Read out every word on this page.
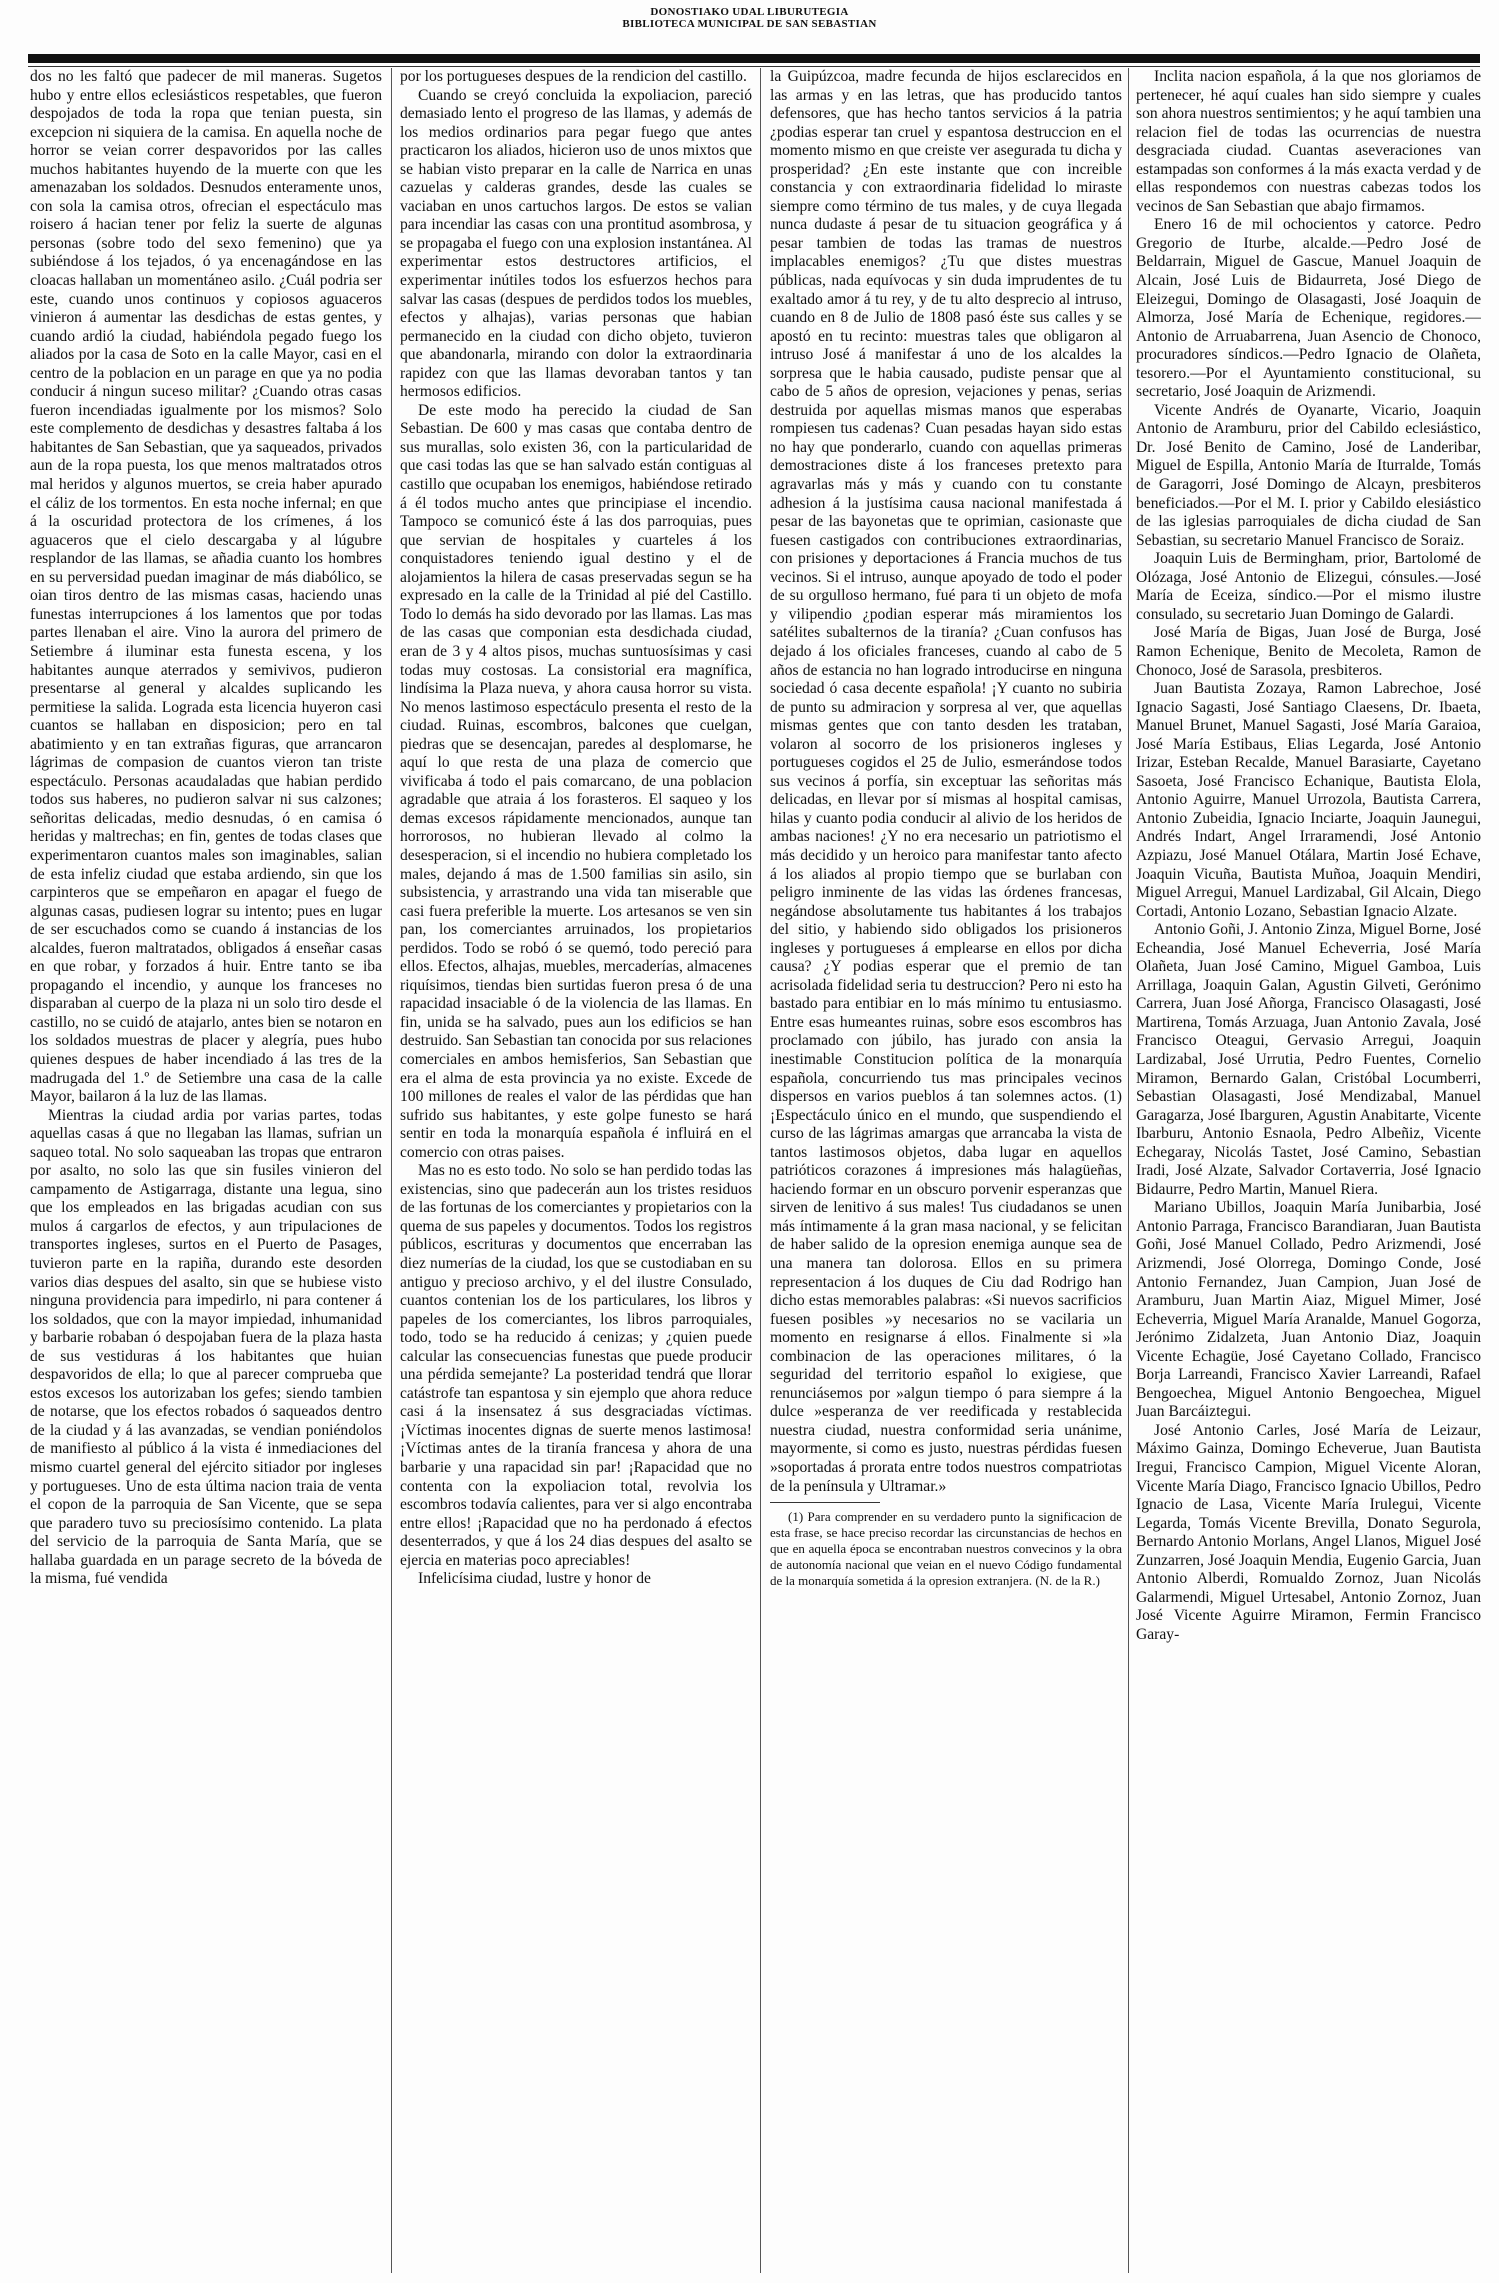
DONOSTIAKO UDAL LIBURUTEGIA
BIBLIOTECA MUNICIPAL DE SAN SEBASTIAN

dos no les faltó que padecer de mil maneras. Sugetos hubo y entre ellos eclesiásticos respetables, que fueron despojados de toda la ropa que tenian puesta, sin excepcion ni siquiera de la camisa. En aquella noche de horror se veian correr despavoridos por las calles muchos habitantes huyendo de la muerte con que les amenazaban los soldados. Desnudos enteramente unos, con sola la camisa otros, ofrecian el espectáculo mas roisero á hacian tener por feliz la suerte de algunas personas (sobre todo del sexo femenino) que ya subiéndose á los tejados, ó ya encenagándose en las cloacas hallaban un momentáneo asilo. ¿Cuál podria ser este, cuando unos continuos y copiosos aguaceros vinieron á aumentar las desdichas de estas gentes, y cuando ardió la ciudad, habiéndola pegado fuego los aliados por la casa de Soto en la calle Mayor, casi en el centro de la poblacion en un parage en que ya no podia conducir á ningun suceso militar? ¿Cuando otras casas fueron incendiadas igualmente por los mismos? Solo este complemento de desdichas y desastres faltaba á los habitantes de San Sebastian, que ya saqueados, privados aun de la ropa puesta, los que menos maltratados otros mal heridos y algunos muertos, se creia haber apurado el cáliz de los tormentos. En esta noche infernal; en que á la oscuridad protectora de los crímenes, á los aguaceros que el cielo descargaba y al lúgubre resplandor de las llamas, se añadia cuanto los hombres en su perversidad puedan imaginar de más diabólico, se oian tiros dentro de las mismas casas, haciendo unas funestas interrupciones á los lamentos que por todas partes llenaban el aire. Vino la aurora del primero de Setiembre á iluminar esta funesta escena, y los habitantes aunque aterrados y semivivos, pudieron presentarse al general y alcaldes suplicando les permitiese la salida. Lograda esta licencia huyeron casi cuantos se hallaban en disposicion; pero en tal abatimiento y en tan extrañas figuras, que arrancaron lágrimas de compasion de cuantos vieron tan triste espectáculo. Personas acaudaladas que habian perdido todos sus haberes, no pudieron salvar ni sus calzones; señoritas delicadas, medio desnudas, ó en camisa ó heridas y maltrechas; en fin, gentes de todas clases que experimentaron cuantos males son imaginables, salian de esta infeliz ciudad que estaba ardiendo, sin que los carpinteros que se empeñaron en apagar el fuego de algunas casas, pudiesen lograr su intento; pues en lugar de ser escuchados como se cuando á instancias de los alcaldes, fueron maltratados, obligados á enseñar casas en que robar, y forzados á huir. Entre tanto se iba propagando el incendio, y aunque los franceses no disparaban al cuerpo de la plaza ni un solo tiro desde el castillo, no se cuidó de atajarlo, antes bien se notaron en los soldados muestras de placer y alegría, pues hubo quienes despues de haber incendiado á las tres de la madrugada del 1.º de Setiembre una casa de la calle Mayor, bailaron á la luz de las llamas.

Mientras la ciudad ardia por varias partes, todas aquellas casas á que no llegaban las llamas, sufrian un saqueo total. No solo saqueaban las tropas que entraron por asalto, no solo las que sin fusiles vinieron del campamento de Astigarraga, distante una legua, sino que los empleados en las brigadas acudian con sus mulos á cargarlos de efectos, y aun tripulaciones de transportes ingleses, surtos en el Puerto de Pasages, tuvieron parte en la rapiña, durando este desorden varios dias despues del asalto, sin que se hubiese visto ninguna providencia para impedirlo, ni para contener á los soldados, que con la mayor impiedad, inhumanidad y barbarie robaban ó despojaban fuera de la plaza hasta de sus vestiduras á los habitantes que huian despavoridos de ella; lo que al parecer comprueba que estos excesos los autorizaban los gefes; siendo tambien de notarse, que los efectos robados ó saqueados dentro de la ciudad y á las avanzadas, se vendian poniéndolos de manifiesto al público á la vista é inmediaciones del mismo cuartel general del ejército sitiador por ingleses y portugueses. Uno de esta última nacion traia de venta el copon de la parroquia de San Vicente, que se sepa que paradero tuvo su preciosísimo contenido. La plata del servicio de la parroquia de Santa María, que se hallaba guardada en un parage secreto de la bóveda de la misma, fué vendida

por los portugueses despues de la rendicion del castillo.

Cuando se creyó concluida la expoliacion, pareció demasiado lento el progreso de las llamas, y además de los medios ordinarios para pegar fuego que antes practicaron los aliados, hicieron uso de unos mixtos que se habian visto preparar en la calle de Narrica en unas cazuelas y calderas grandes, desde las cuales se vaciaban en unos cartuchos largos. De estos se valian para incendiar las casas con una prontitud asombrosa, y se propagaba el fuego con una explosion instantánea. Al experimentar estos destructores artificios, el experimentar inútiles todos los esfuerzos hechos para salvar las casas (despues de perdidos todos los muebles, efectos y alhajas), varias personas que habian permanecido en la ciudad con dicho objeto, tuvieron que abandonarla, mirando con dolor la extraordinaria rapidez con que las llamas devoraban tantos y tan hermosos edificios.

De este modo ha perecido la ciudad de San Sebastian. De 600 y mas casas que contaba dentro de sus murallas, solo existen 36, con la particularidad de que casi todas las que se han salvado están contiguas al castillo que ocupaban los enemigos, habiéndose retirado á él todos mucho antes que principiase el incendio. Tampoco se comunicó éste á las dos parroquias, pues que servian de hospitales y cuarteles á los conquistadores teniendo igual destino y el de alojamientos la hilera de casas preservadas segun se ha expresado en la calle de la Trinidad al pié del Castillo. Todo lo demás ha sido devorado por las llamas. Las mas de las casas que componian esta desdichada ciudad, eran de 3 y 4 altos pisos, muchas suntuosísimas y casi todas muy costosas. La consistorial era magnífica, lindísima la Plaza nueva, y ahora causa horror su vista. No menos lastimoso espectáculo presenta el resto de la ciudad. Ruinas, escombros, balcones que cuelgan, piedras que se desencajan, paredes al desplomarse, he aquí lo que resta de una plaza de comercio que vivificaba á todo el pais comarcano, de una poblacion agradable que atraia á los forasteros. El saqueo y los demas excesos rápidamente mencionados, aunque tan horrorosos, no hubieran llevado al colmo la desesperacion, si el incendio no hubiera completado los males, dejando á mas de 1.500 familias sin asilo, sin subsistencia, y arrastrando una vida tan miserable que casi fuera preferible la muerte. Los artesanos se ven sin pan, los comerciantes arruinados, los propietarios perdidos. Todo se robó ó se quemó, todo pereció para ellos. Efectos, alhajas, muebles, mercaderías, almacenes riquísimos, tiendas bien surtidas fueron presa ó de una rapacidad insaciable ó de la violencia de las llamas. En fin, unida se ha salvado, pues aun los edificios se han destruido. San Sebastian tan conocida por sus relaciones comerciales en ambos hemisferios, San Sebastian que era el alma de esta provincia ya no existe. Excede de 100 millones de reales el valor de las pérdidas que han sufrido sus habitantes, y este golpe funesto se hará sentir en toda la monarquía española é influirá en el comercio con otras paises.

Mas no es esto todo. No solo se han perdido todas las existencias, sino que padecerán aun los tristes residuos de las fortunas de los comerciantes y propietarios con la quema de sus papeles y documentos. Todos los registros públicos, escrituras y documentos que encerraban las diez numerías de la ciudad, los que se custodiaban en su antiguo y precioso archivo, y el del ilustre Consulado, cuantos contenian los de los particulares, los libros y papeles de los comerciantes, los libros parroquiales, todo, todo se ha reducido á cenizas; y ¿quien puede calcular las consecuencias funestas que puede producir una pérdida semejante? La posteridad tendrá que llorar catástrofe tan espantosa y sin ejemplo que ahora reduce casi á la insensatez á sus desgraciadas víctimas. ¡Víctimas inocentes dignas de suerte menos lastimosa! ¡Víctimas antes de la tiranía francesa y ahora de una barbarie y una rapacidad sin par! ¡Rapacidad que no contenta con la expoliacion total, revolvia los escombros todavía calientes, para ver si algo encontraba entre ellos! ¡Rapacidad que no ha perdonado á efectos desenterrados, y que á los 24 dias despues del asalto se ejercia en materias poco apreciables!

Infelicísima ciudad, lustre y honor de

la Guipúzcoa, madre fecunda de hijos esclarecidos en las armas y en las letras, que has producido tantos defensores, que has hecho tantos servicios á la patria ¿podias esperar tan cruel y espantosa destruccion en el momento mismo en que creiste ver asegurada tu dicha y prosperidad? ¿En este instante que con increible constancia y con extraordinaria fidelidad lo miraste siempre como término de tus males, y de cuya llegada nunca dudaste á pesar de tu situacion geográfica y á pesar tambien de todas las tramas de nuestros implacables enemigos? ¿Tu que distes muestras públicas, nada equívocas y sin duda imprudentes de tu exaltado amor á tu rey, y de tu alto desprecio al intruso, cuando en 8 de Julio de 1808 pasó éste sus calles y se apostó en tu recinto: muestras tales que obligaron al intruso José á manifestar á uno de los alcaldes la sorpresa que le habia causado, pudiste pensar que al cabo de 5 años de opresion, vejaciones y penas, serias destruida por aquellas mismas manos que esperabas rompiesen tus cadenas? Cuan pesadas hayan sido estas no hay que ponderarlo, cuando con aquellas primeras demostraciones diste á los franceses pretexto para agravarlas más y más y cuando con tu constante adhesion á la justísima causa nacional manifestada á pesar de las bayonetas que te oprimian, casionaste que fuesen castigados con contribuciones extraordinarias, con prisiones y deportaciones á Francia muchos de tus vecinos. Si el intruso, aunque apoyado de todo el poder de su orgulloso hermano, fué para ti un objeto de mofa y vilipendio ¿podian esperar más miramientos los satélites subalternos de la tiranía? ¿Cuan confusos has dejado á los oficiales franceses, cuando al cabo de 5 años de estancia no han logrado introducirse en ninguna sociedad ó casa decente española! ¡Y cuanto no subiria de punto su admiracion y sorpresa al ver, que aquellas mismas gentes que con tanto desden les trataban, volaron al socorro de los prisioneros ingleses y portugueses cogidos el 25 de Julio, esmerándose todos sus vecinos á porfía, sin exceptuar las señoritas más delicadas, en llevar por sí mismas al hospital camisas, hilas y cuanto podia conducir al alivio de los heridos de ambas naciones! ¿Y no era necesario un patriotismo el más decidido y un heroico para manifestar tanto afecto á los aliados al propio tiempo que se burlaban con peligro inminente de las vidas las órdenes francesas, negándose absolutamente tus habitantes á los trabajos del sitio, y habiendo sido obligados los prisioneros ingleses y portugueses á emplearse en ellos por dicha causa? ¿Y podias esperar que el premio de tan acrisolada fidelidad seria tu destruccion? Pero ni esto ha bastado para entibiar en lo más mínimo tu entusiasmo. Entre esas humeantes ruinas, sobre esos escombros has proclamado con júbilo, has jurado con ansia la inestimable Constitucion política de la monarquía española, concurriendo tus mas principales vecinos dispersos en varios pueblos á tan solemnes actos. (1) ¡Espectáculo único en el mundo, que suspendiendo el curso de las lágrimas amargas que arrancaba la vista de tantos lastimosos objetos, daba lugar en aquellos patrióticos corazones á impresiones más halagüeñas, haciendo formar en un obscuro porvenir esperanzas que sirven de lenitivo á sus males! Tus ciudadanos se unen más íntimamente á la gran masa nacional, y se felicitan de haber salido de la opresion enemiga aunque sea de una manera tan dolorosa. Ellos en su primera representacion á los duques de Ciu dad Rodrigo han dicho estas memorables palabras: «Si nuevos sacrificios fuesen posibles »y necesarios no se vacilaria un momento en resignarse á ellos. Finalmente si »la combinacion de las operaciones militares, ó la seguridad del territorio español lo exigiese, que renunciásemos por »algun tiempo ó para siempre á la dulce »esperanza de ver reedificada y restablecida nuestra ciudad, nuestra conformidad seria unánime, mayormente, si como es justo, nuestras pérdidas fuesen »soportadas á prorata entre todos nuestros compatriotas de la península y Ultramar.»

(1) Para comprender en su verdadero punto la significacion de esta frase, se hace preciso recordar las circunstancias de hechos en que en aquella época se encontraban nuestros convecinos y la obra de autonomía nacional que veian en el nuevo Código fundamental de la monarquía sometida á la opresion extranjera. (N. de la R.)

Inclita nacion española, á la que nos gloriamos de pertenecer, hé aquí cuales han sido siempre y cuales son ahora nuestros sentimientos; y he aquí tambien una relacion fiel de todas las ocurrencias de nuestra desgraciada ciudad. Cuantas aseveraciones van estampadas son conformes á la más exacta verdad y de ellas respondemos con nuestras cabezas todos los vecinos de San Sebastian que abajo firmamos.

Enero 16 de mil ochocientos y catorce. Pedro Gregorio de Iturbe, alcalde.—Pedro José de Beldarrain, Miguel de Gascue, Manuel Joaquin de Alcain, José Luis de Bidaurreta, José Diego de Eleizegui, Domingo de Olasagasti, José Joaquin de Almorza, José María de Echenique, regidores.—Antonio de Arruabarrena, Juan Asencio de Chonoco, procuradores síndicos.—Pedro Ignacio de Olañeta, tesorero.—Por el Ayuntamiento constitucional, su secretario, José Joaquin de Arizmendi.

Vicente Andrés de Oyanarte, Vicario, Joaquin Antonio de Aramburu, prior del Cabildo eclesiástico, Dr. José Benito de Camino, José de Landeribar, Miguel de Espilla, Antonio María de Iturralde, Tomás de Garagorri, José Domingo de Alcayn, presbiteros beneficiados.—Por el M. I. prior y Cabildo elesiástico de las iglesias parroquiales de dicha ciudad de San Sebastian, su secretario Manuel Francisco de Soraiz.

Joaquin Luis de Bermingham, prior, Bartolomé de Olózaga, José Antonio de Elizegui, cónsules.—José María de Eceiza, síndico.—Por el mismo ilustre consulado, su secretario Juan Domingo de Galardi.

José María de Bigas, Juan José de Burga, José Ramon Echenique, Benito de Mecoleta, Ramon de Chonoco, José de Sarasola, presbiteros.

Juan Bautista Zozaya, Ramon Labrechoe, José Ignacio Sagasti, José Santiago Claesens, Dr. Ibaeta, Manuel Brunet, Manuel Sagasti, José María Garaioa, José María Estibaus, Elias Legarda, José Antonio Irizar, Esteban Recalde, Manuel Barasiarte, Cayetano Sasoeta, José Francisco Echanique, Bautista Elola, Antonio Aguirre, Manuel Urrozola, Bautista Carrera, Antonio Zubeidia, Ignacio Inciarte, Joaquin Jaunegui, Andrés Indart, Angel Irraramendi, José Antonio Azpiazu, José Manuel Otálara, Martin José Echave, Joaquin Vicuña, Bautista Muñoa, Joaquin Mendiri, Miguel Arregui, Manuel Lardizabal, Gil Alcain, Diego Cortadi, Antonio Lozano, Sebastian Ignacio Alzate.

Antonio Goñi, J. Antonio Zinza, Miguel Borne, José Echeandia, José Manuel Echeverria, José María Olañeta, Juan José Camino, Miguel Gamboa, Luis Arrillaga, Joaquin Galan, Agustin Gilveti, Gerónimo Carrera, Juan José Añorga, Francisco Olasagasti, José Martirena, Tomás Arzuaga, Juan Antonio Zavala, José Francisco Oteagui, Gervasio Arregui, Joaquin Lardizabal, José Urrutia, Pedro Fuentes, Cornelio Miramon, Bernardo Galan, Cristóbal Locumberri, Sebastian Olasagasti, José Mendizabal, Manuel Garagarza, José Ibarguren, Agustin Anabitarte, Vicente Ibarburu, Antonio Esnaola, Pedro Albeñiz, Vicente Echegaray, Nicolás Tastet, José Camino, Sebastian Iradi, José Alzate, Salvador Cortaverria, José Ignacio Bidaurre, Pedro Martin, Manuel Riera.

Mariano Ubillos, Joaquin María Junibarbia, José Antonio Parraga, Francisco Barandiaran, Juan Bautista Goñi, José Manuel Collado, Pedro Arizmendi, José Arizmendi, José Olorrega, Domingo Conde, José Antonio Fernandez, Juan Campion, Juan José de Aramburu, Juan Martin Aiaz, Miguel Mimer, José Echeverria, Miguel María Aranalde, Manuel Gogorza, Jerónimo Zidalzeta, Juan Antonio Diaz, Joaquin Vicente Echagüe, José Cayetano Collado, Francisco Borja Larreandi, Francisco Xavier Larreandi, Rafael Bengoechea, Miguel Antonio Bengoechea, Miguel Juan Barcáiztegui.

José Antonio Carles, José María de Leizaur, Máximo Gainza, Domingo Echeverue, Juan Bautista Iregui, Francisco Campion, Miguel Vicente Aloran, Vicente María Diago, Francisco Ignacio Ubillos, Pedro Ignacio de Lasa, Vicente María Irulegui, Vicente Legarda, Tomás Vicente Brevilla, Donato Segurola, Bernardo Antonio Morlans, Angel Llanos, Miguel José Zunzarren, José Joaquin Mendia, Eugenio Garcia, Juan Antonio Alberdi, Romualdo Zornoz, Juan Nicolás Galarmendi, Miguel Urtesabel, Antonio Zornoz, Juan José Vicente Aguirre Miramon, Fermin Francisco Garay-
